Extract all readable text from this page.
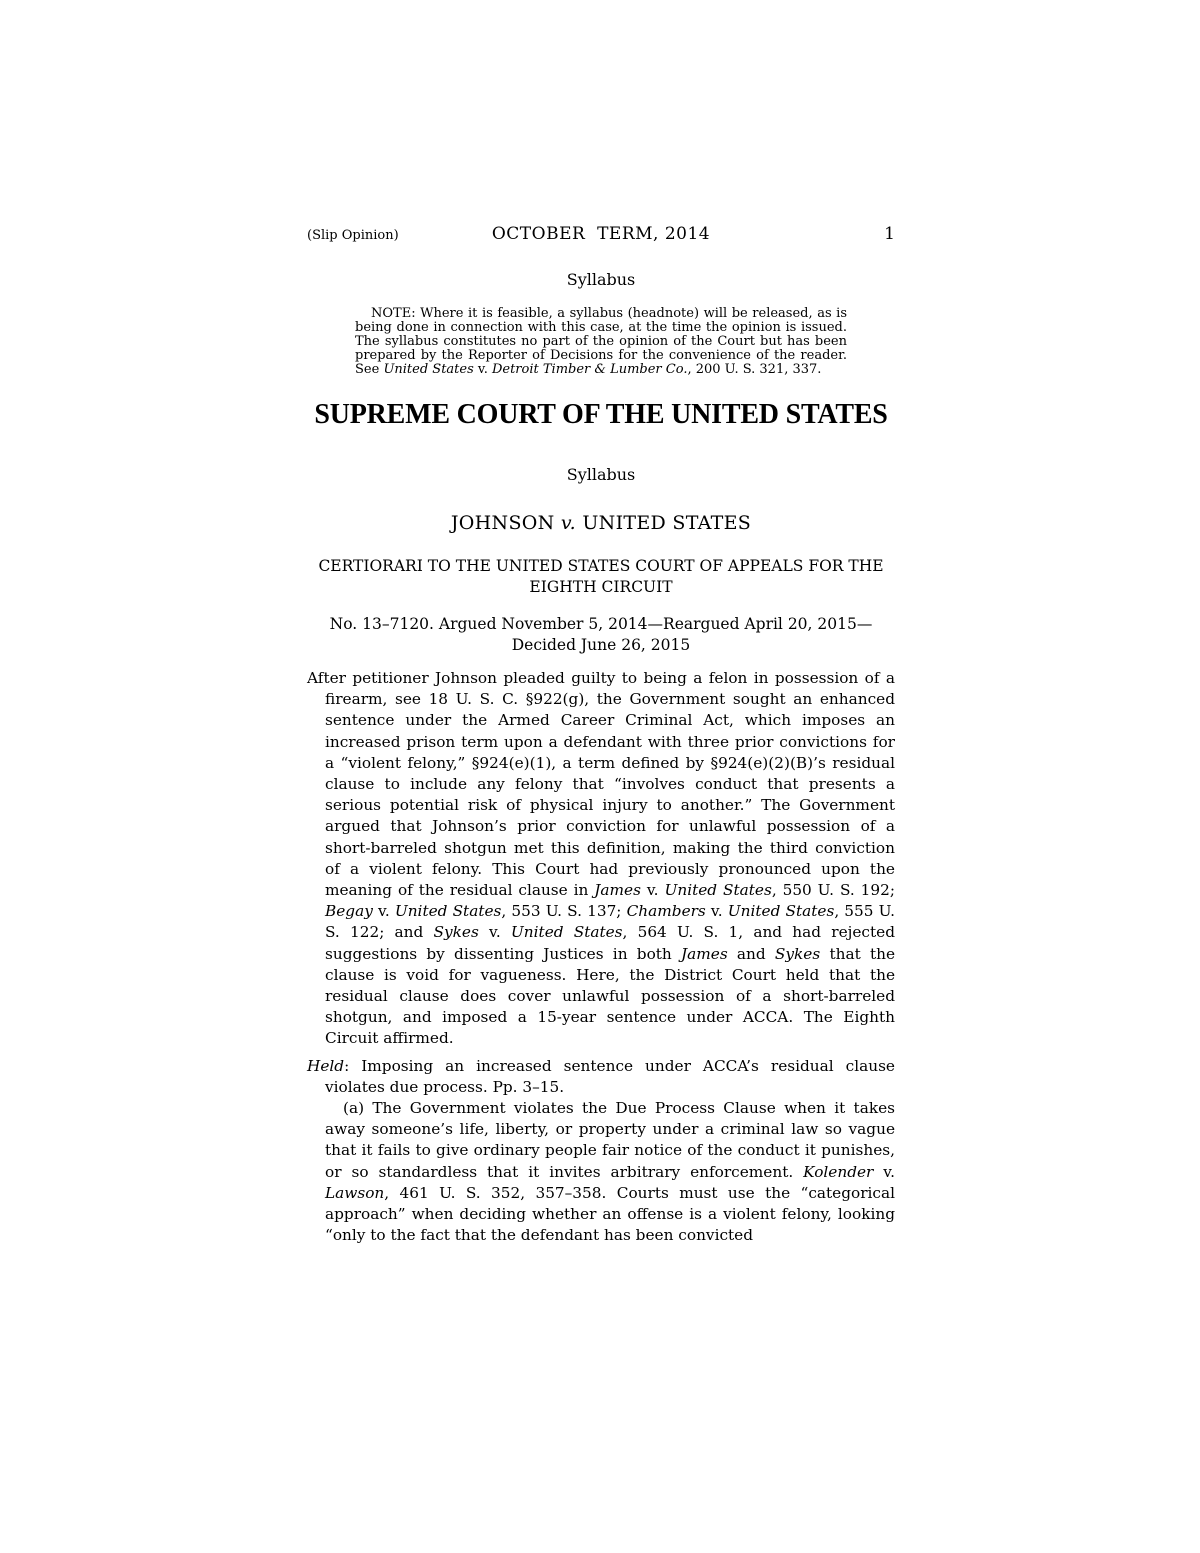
(Slip Opinion)	OCTOBER  TERM, 2014	1
Syllabus
NOTE: Where it is feasible, a syllabus (headnote) will be released, as is being done in connection with this case, at the time the opinion is issued. The syllabus constitutes no part of the opinion of the Court but has been prepared by the Reporter of Decisions for the convenience of the reader. See United States v. Detroit Timber & Lumber Co., 200 U. S. 321, 337.
SUPREME COURT OF THE UNITED STATES
Syllabus
JOHNSON v. UNITED STATES
CERTIORARI TO THE UNITED STATES COURT OF APPEALS FOR THE EIGHTH CIRCUIT
No. 13–7120. Argued November 5, 2014—Reargued April 20, 2015— Decided June 26, 2015
After petitioner Johnson pleaded guilty to being a felon in possession of a firearm, see 18 U. S. C. §922(g), the Government sought an enhanced sentence under the Armed Career Criminal Act, which imposes an increased prison term upon a defendant with three prior convictions for a “violent felony,” §924(e)(1), a term defined by §924(e)(2)(B)’s residual clause to include any felony that “involves conduct that presents a serious potential risk of physical injury to another.” The Government argued that Johnson’s prior conviction for unlawful possession of a short-barreled shotgun met this definition, making the third conviction of a violent felony. This Court had previously pronounced upon the meaning of the residual clause in James v. United States, 550 U. S. 192; Begay v. United States, 553 U. S. 137; Chambers v. United States, 555 U. S. 122; and Sykes v. United States, 564 U. S. 1, and had rejected suggestions by dissenting Justices in both James and Sykes that the clause is void for vagueness. Here, the District Court held that the residual clause does cover unlawful possession of a short-barreled shotgun, and imposed a 15-year sentence under ACCA. The Eighth Circuit affirmed.
Held: Imposing an increased sentence under ACCA’s residual clause violates due process. Pp. 3–15.
(a) The Government violates the Due Process Clause when it takes away someone’s life, liberty, or property under a criminal law so vague that it fails to give ordinary people fair notice of the conduct it punishes, or so standardless that it invites arbitrary enforcement. Kolender v. Lawson, 461 U. S. 352, 357–358. Courts must use the “categorical approach” when deciding whether an offense is a violent felony, looking “only to the fact that the defendant has been convicted
